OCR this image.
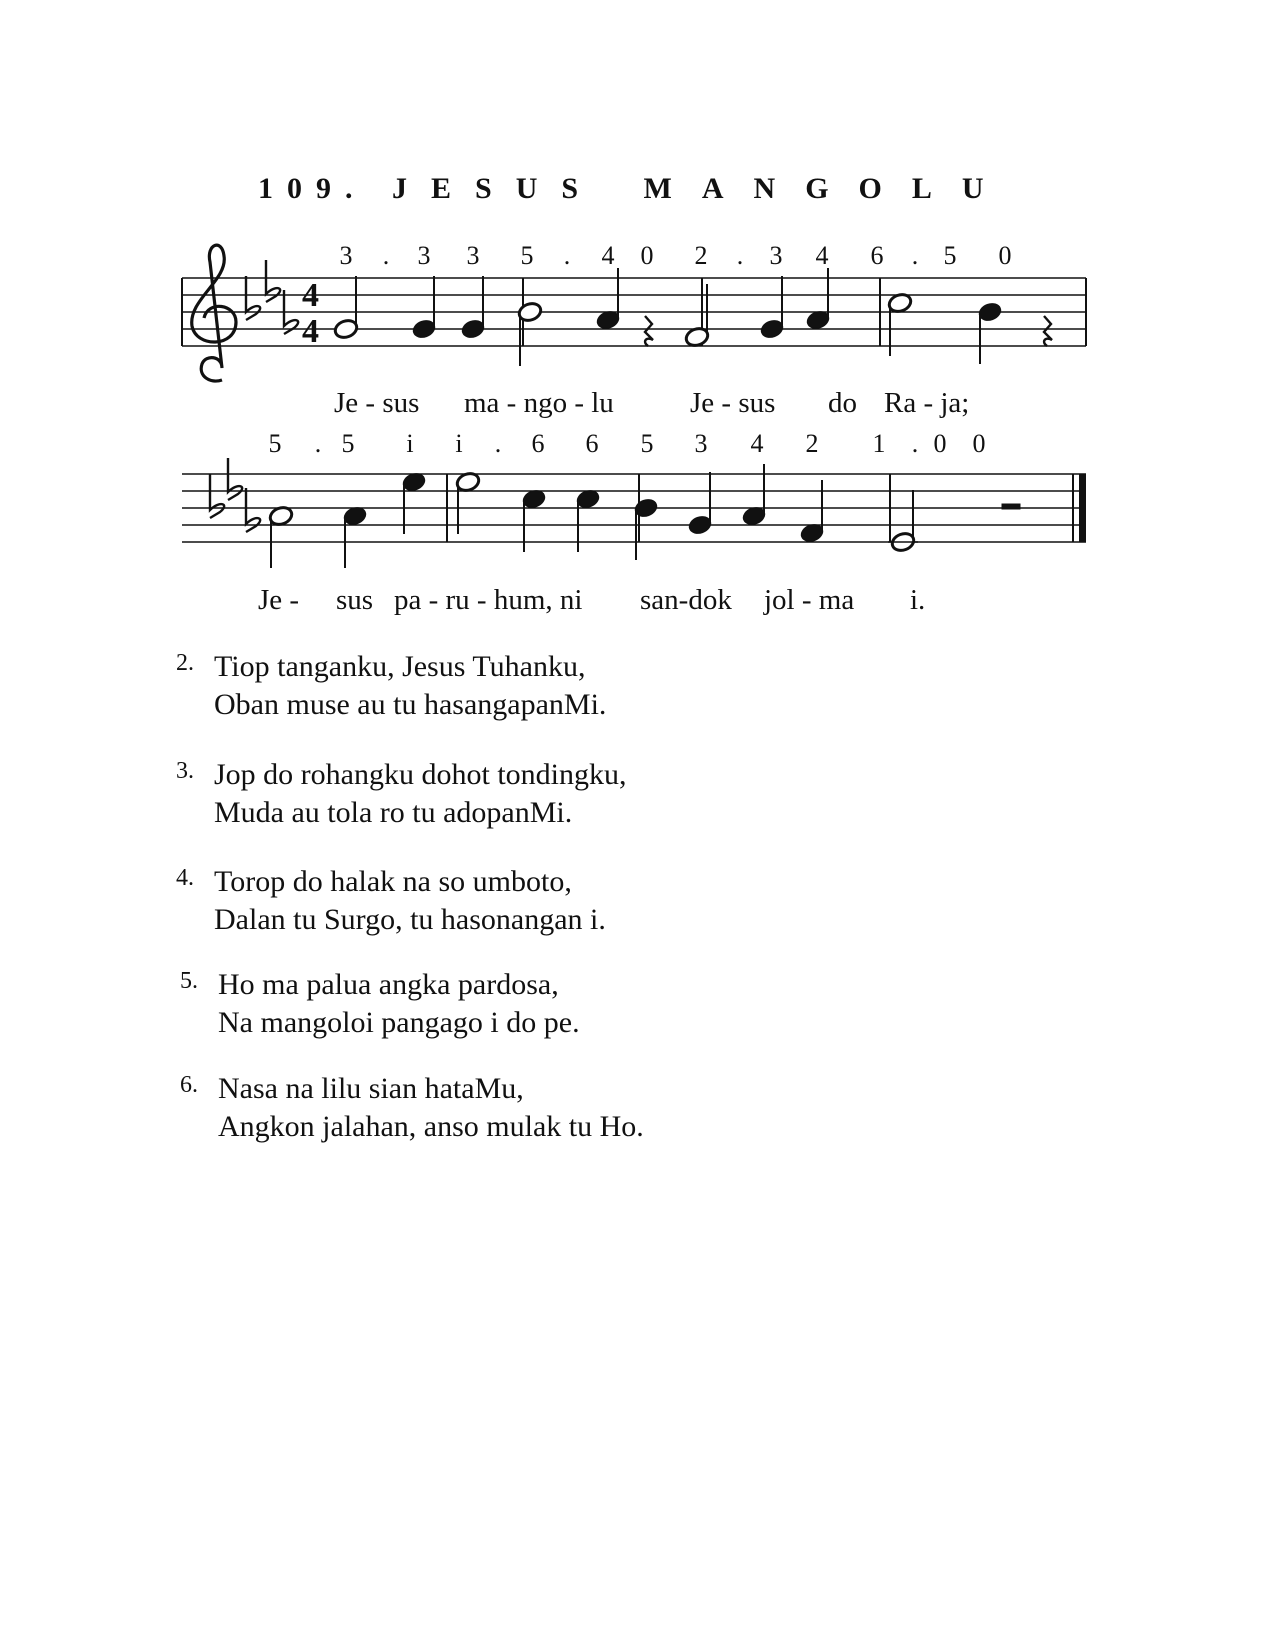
109. JESUS MANGOLU
3 . 3 3 5 . 4 0 2 . 3 4 6 . 5 0
4
4
Je - sus ma - ngo - lu	Je - sus do Ra - ja;
5 . 5 i i . 6 6 5 3 4 2 1 . 0 0
Je - sus pa - ru - hum, ni san-dok jol - ma i.
2. Tiop tanganku, Jesus Tuhanku,
Oban muse au tu hasangapanMi.
3. Jop do rohangku dohot tondingku,
Muda au tola ro tu adopanMi.
4. Torop do halak na so umboto,
Dalan tu Surgo, tu hasonangan i.
5. Ho ma palua angka pardosa,
Na mangoloi pangago i do pe.
6. Nasa na lilu sian hataMu,
Angkon jalahan, anso mulak tu Ho.
